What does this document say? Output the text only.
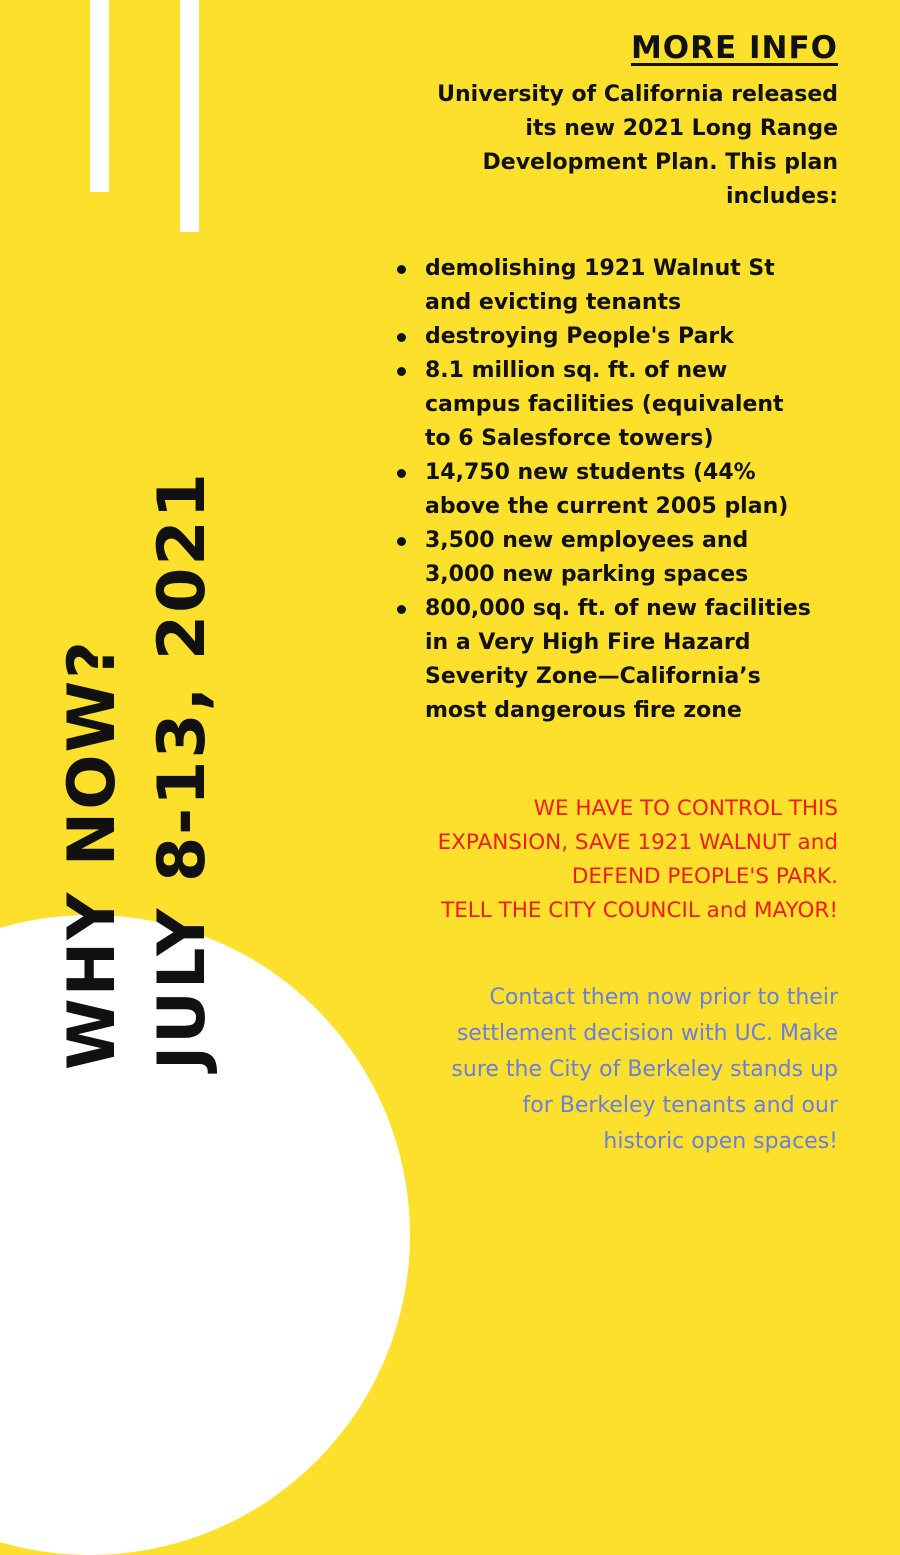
WHY NOW? JULY 8-13, 2021
MORE INFO

University of California released
its new 2021 Long Range
Development Plan. This plan
includes:

demolishing 1921 Walnut St
and evicting tenants
destroying People's Park
8.1 million sq. ft. of new
campus facilities (equivalent
to 6 Salesforce towers)
14,750 new students (44%
above the current 2005 plan)
3,500 new employees and
3,000 new parking spaces
800,000 sq. ft. of new facilities
in a Very High Fire Hazard
Severity Zone—California’s
most dangerous fire zone
WE HAVE TO CONTROL THIS
EXPANSION, SAVE 1921 WALNUT and
DEFEND PEOPLE'S PARK.
TELL THE CITY COUNCIL and MAYOR!
Contact them now prior to their
settlement decision with UC. Make
sure the City of Berkeley stands up
for Berkeley tenants and our
historic open spaces!
